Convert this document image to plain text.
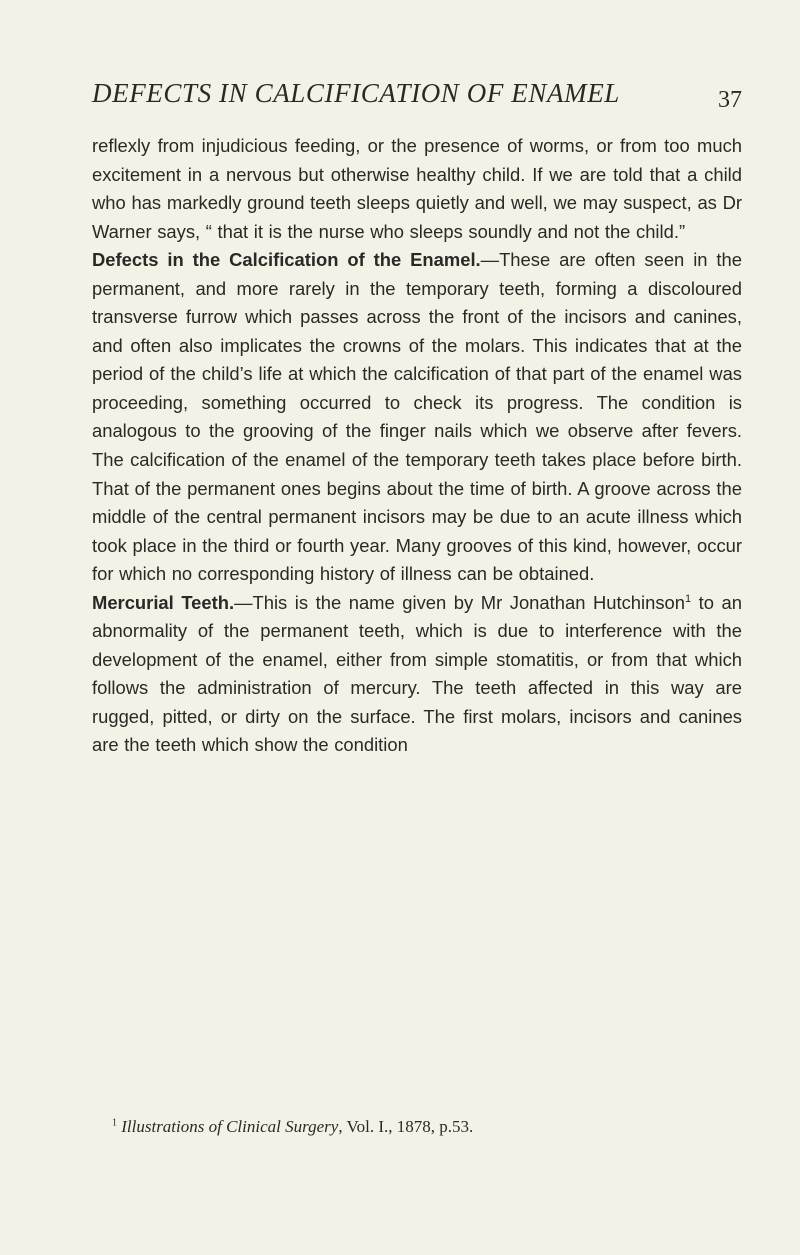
DEFECTS IN CALCIFICATION OF ENAMEL	37

reflexly from injudicious feeding, or the presence of worms, or from too much excitement in a nervous but otherwise healthy child. If we are told that a child who has markedly ground teeth sleeps quietly and well, we may suspect, as Dr Warner says, “ that it is the nurse who sleeps soundly and not the child.”

Defects in the Calcification of the Enamel.—These are often seen in the permanent, and more rarely in the temporary teeth, forming a discoloured transverse furrow which passes across the front of the incisors and canines, and often also implicates the crowns of the molars. This indicates that at the period of the child’s life at which the calcification of that part of the enamel was proceeding, something occurred to check its progress. The condition is analogous to the grooving of the finger nails which we observe after fevers. The calcification of the enamel of the temporary teeth takes place before birth. That of the permanent ones begins about the time of birth. A groove across the middle of the central permanent incisors may be due to an acute illness which took place in the third or fourth year. Many grooves of this kind, however, occur for which no corresponding history of illness can be obtained.

Mercurial Teeth.—This is the name given by Mr Jonathan Hutchinson$^1$ to an abnormality of the permanent teeth, which is due to interference with the development of the enamel, either from simple stomatitis, or from that which follows the administration of mercury. The teeth affected in this way are rugged, pitted, or dirty on the surface. The first molars, incisors and canines are the teeth which show the condition

$^1$ Illustrations of Clinical Surgery, Vol. I., 1878, p.53.
